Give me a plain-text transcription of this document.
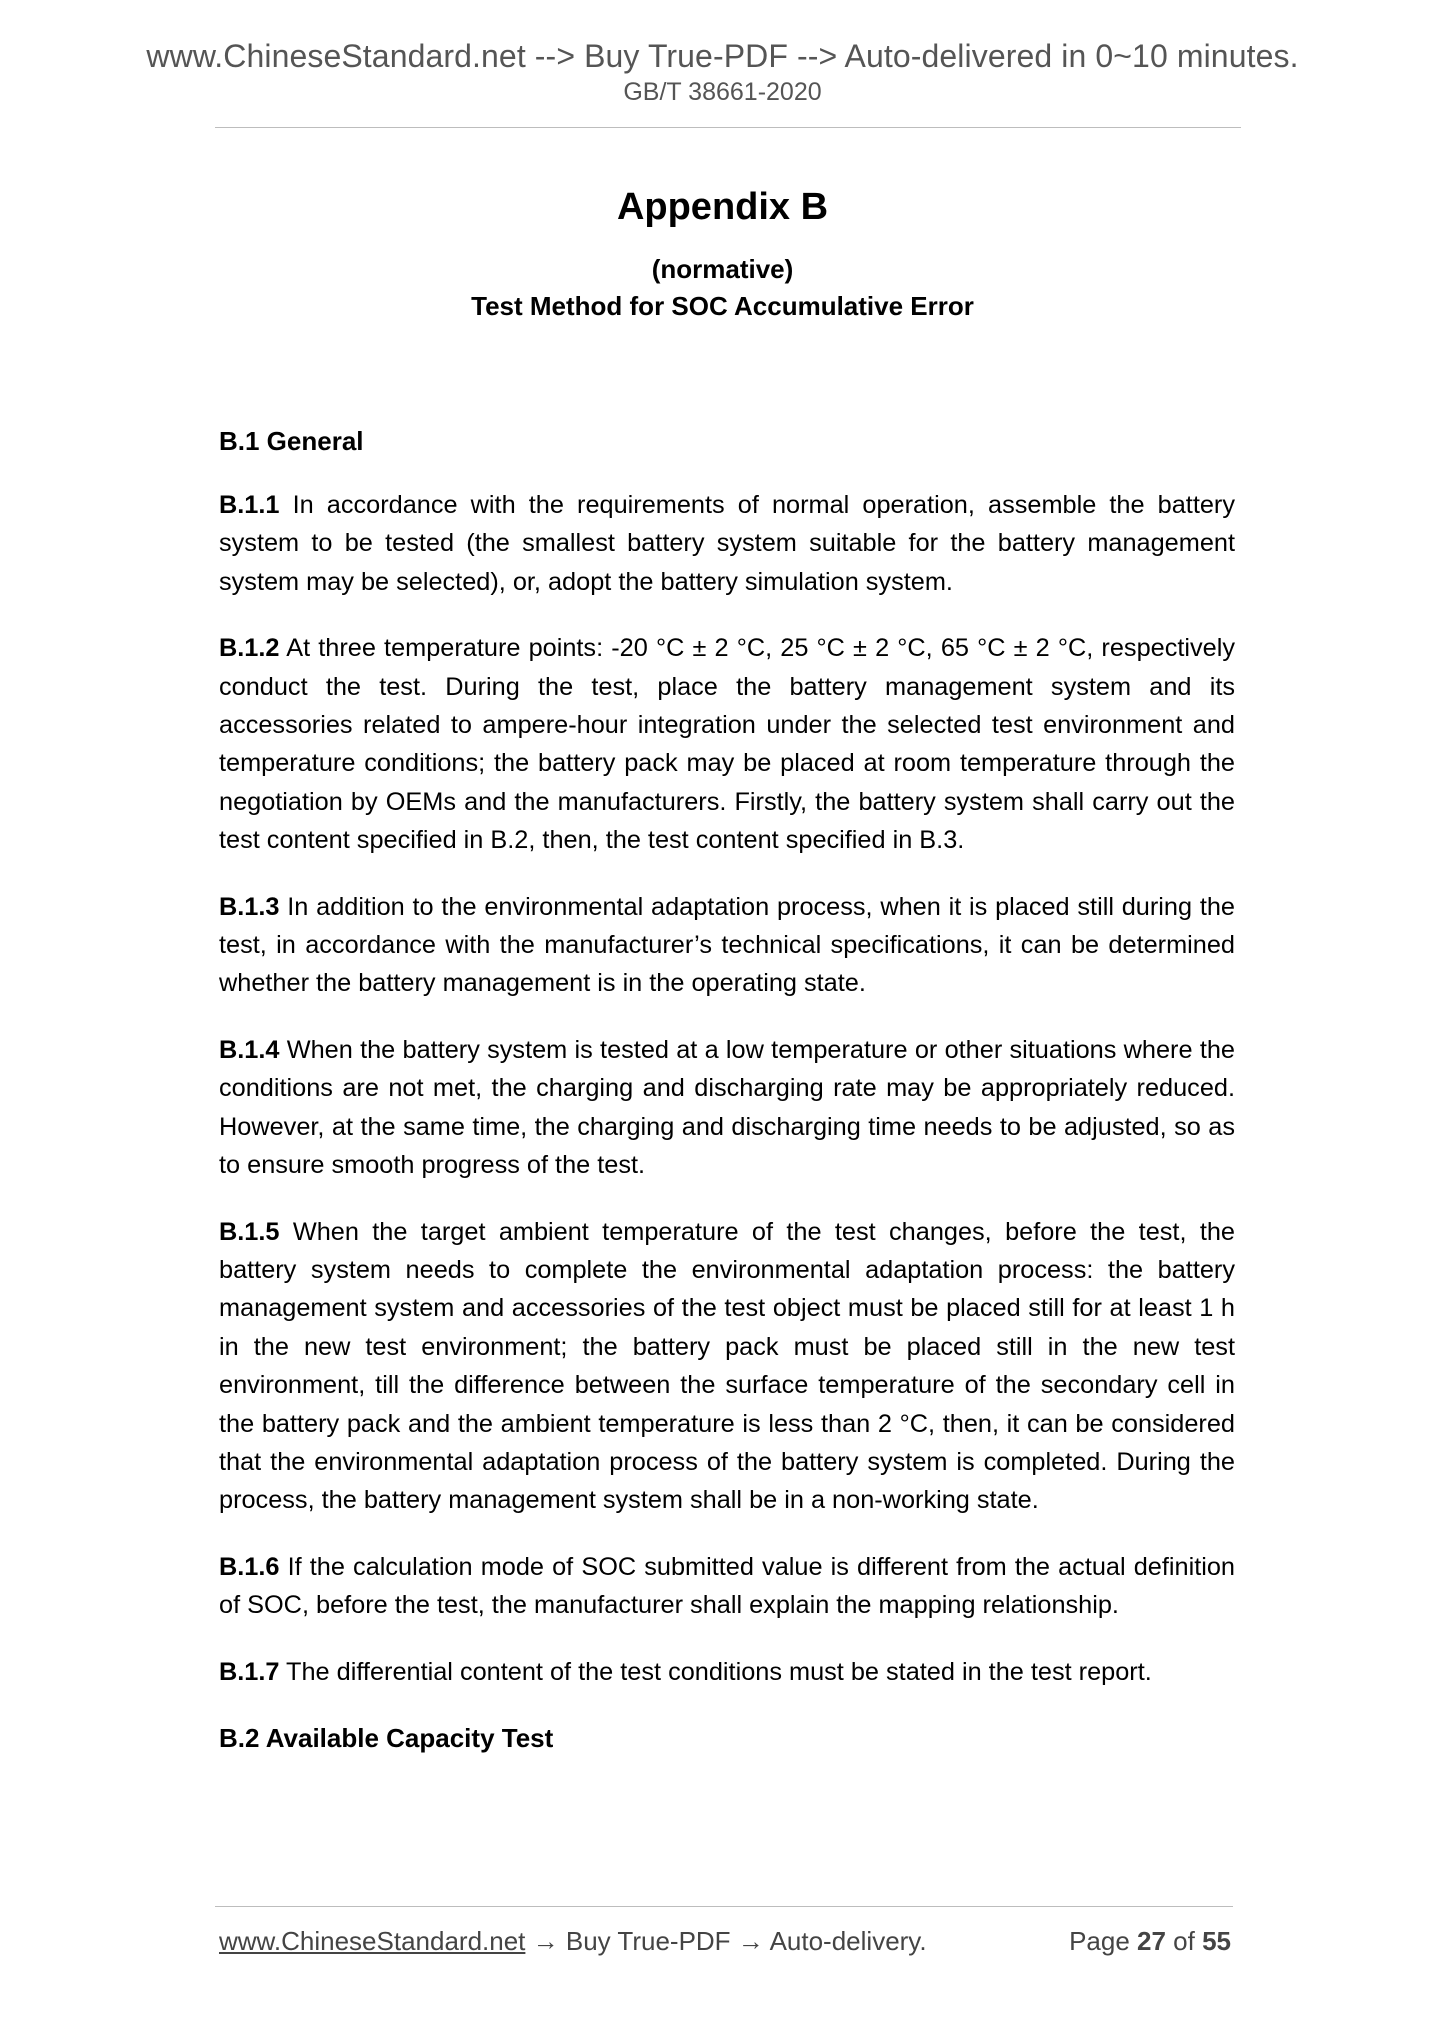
www.ChineseStandard.net --> Buy True-PDF --> Auto-delivered in 0~10 minutes.
GB/T 38661-2020
Appendix B
(normative)
Test Method for SOC Accumulative Error
B.1 General

B.1.1 In accordance with the requirements of normal operation, assemble the battery system to be tested (the smallest battery system suitable for the battery management system may be selected), or, adopt the battery simulation system.

B.1.2 At three temperature points: -20 °C ± 2 °C, 25 °C ± 2 °C, 65 °C ± 2 °C, respectively conduct the test. During the test, place the battery management system and its accessories related to ampere-hour integration under the selected test environment and temperature conditions; the battery pack may be placed at room temperature through the negotiation by OEMs and the manufacturers. Firstly, the battery system shall carry out the test content specified in B.2, then, the test content specified in B.3.

B.1.3 In addition to the environmental adaptation process, when it is placed still during the test, in accordance with the manufacturer’s technical specifications, it can be determined whether the battery management is in the operating state.

B.1.4 When the battery system is tested at a low temperature or other situations where the conditions are not met, the charging and discharging rate may be appropriately reduced. However, at the same time, the charging and discharging time needs to be adjusted, so as to ensure smooth progress of the test.

B.1.5 When the target ambient temperature of the test changes, before the test, the battery system needs to complete the environmental adaptation process: the battery management system and accessories of the test object must be placed still for at least 1 h in the new test environment; the battery pack must be placed still in the new test environment, till the difference between the surface temperature of the secondary cell in the battery pack and the ambient temperature is less than 2 °C, then, it can be considered that the environmental adaptation process of the battery system is completed. During the process, the battery management system shall be in a non-working state.

B.1.6 If the calculation mode of SOC submitted value is different from the actual definition of SOC, before the test, the manufacturer shall explain the mapping relationship.

B.1.7 The differential content of the test conditions must be stated in the test report.

B.2 Available Capacity Test
www.ChineseStandard.net → Buy True-PDF → Auto-delivery.	Page 27 of 55
